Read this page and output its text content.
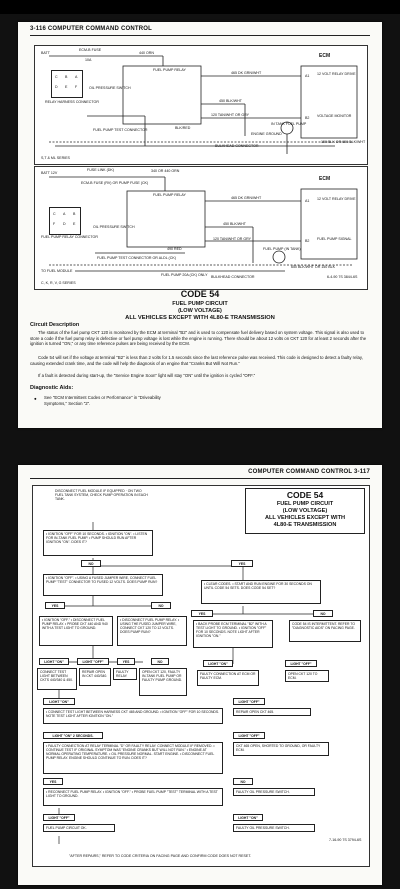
3-116 COMPUTER COMMAND CONTROL
C B A
D E F
BATT
ECM-B FUSE
10A
440 ORN
FUEL PUMP RELAY
465 DK GRN/WHT
450 BLK/WHT
120 TAN/WHT OR GRY
150 BLK OR 650 BLK/WHT
IN TANK FUEL PUMP
FUEL PUMP TEST CONNECTOR
OIL PRESSURE SWITCH
RELAY HARNESS CONNECTOR
BLK/RED
BULKHEAD CONNECTOR
ENGINE GROUND
ECM
A1 12 VOLT RELAY DRIVE
B2 VOLTAGE MONITOR
S,T & ML SERIES
C A B
F D E
BATT 12V
FUSE LINK (DK)	340 OR 440 ORN
ECM-B FUSE (RV) OR PUMP FUSE (CK)
FUEL PUMP RELAY
465 DK GRN/WHT
OIL PRESSURE SWITCH
450 BLK/WHT
120 TAN/WHT OR GRY
FUEL PUMP RELAY CONNECTOR
FUEL PUMP TEST CONNECTOR OR ALDL (CK)
490 RED
FUEL PUMP 20A (CK) ONLY
TO FUEL MODULE
BULKHEAD CONNECTOR
FUEL PUMP (IN TANK)
650 BLK/WHT OR 150 BLK
ECM
A1 12 VOLT RELAY DRIVE
B2 FUEL PUMP SIGNAL
6-4-90 7S 3844-6S
C, K, R, V, G SERIES
CODE 54
FUEL PUMP CIRCUIT
(LOW VOLTAGE)
ALL VEHICLES EXCEPT WITH 4L80-E TRANSMISSION
Circuit Description
The status of the fuel pump CKT 120 is monitored by the ECM at terminal "B2" and is used to compensate fuel delivery based on system voltage. This signal is also used to store a code if the fuel pump relay is defective or fuel pump voltage is lost while the engine is running. There should be about 12 volts on CKT 120 for at least 2 seconds after the ignition is turned "ON," or any time reference pulses are being received by the ECM.
Code 54 will set if the voltage at terminal "B2" is less than 2 volts for 1.5 seconds since the last reference pulse was received. This code is designed to detect a faulty relay, causing extended crank time, and the code will help the diagnosis of an engine that "Cranks But Will Not Run."
If a fault is detected during start-up, the "Service Engine Soon" light will stay "ON" until the ignition is cycled "OFF."
Diagnostic Aids:
● See "ECM Intermittent Codes or Performance" in "Driveability Symptoms," Section "2".
COMPUTER COMMAND CONTROL 3-117
DISCONNECT FUEL MODULE IF EQUIPPED · ON TWO FUEL TANK SYSTEM, CHECK PUMP OPERATION IN EACH TANK.	CODE 54
FUEL PUMP CIRCUIT
(LOW VOLTAGE)
ALL VEHICLES EXCEPT WITH
4L80-E TRANSMISSION
• IGNITION "OFF" FOR 10 SECONDS. • IGNITION "ON". • LISTEN FOR IN-TANK FUEL PUMP. • PUMP SHOULD RUN AFTER IGNITION "ON". DOES IT?
NO	YES
• IGNITION "OFF". • USING A FUSED JUMPER WIRE, CONNECT FUEL PUMP "TEST" CONNECTOR TO FUSED 12 VOLTS. DOES PUMP RUN?	• CLEAR CODES. • START AND RUN ENGINE FOR 30 SECONDS ON UNTIL CODE 54 SETS. DOES CODE 54 SET?
YES	NO
YES	NO
• IGNITION "OFF." • DISCONNECT FUEL PUMP RELAY. • PROBE CKT 440 AND 940 WITH A TEST LIGHT TO GROUND.
• DISCONNECT FUEL PUMP RELAY. • USING THE FUSED JUMPER WIRE, CONNECT CKT 120 TO 12 VOLTS. DOES PUMP RUN?
• BACK PROBE ECM TERMINAL "B2" WITH A TEST LIGHT TO GROUND. • IGNITION "OFF" FOR 10 SECONDS. NOTE LIGHT AFTER IGNITION "ON."
CODE 54 IS INTERMITTENT. REFER TO "DIAGNOSTIC AIDS" ON FACING PAGE.
LIGHT "ON"	LIGHT "OFF"	YES	NO	LIGHT "ON"	LIGHT "OFF"
CONNECT TEST LIGHT BETWEEN CKTS 440/340 & 450.
REPAIR OPEN IN CKT 440/340.
FAULTY RELAY.
OPEN CKT 120, FAULTY IN-TANK FUEL PUMP OR FAULTY PUMP GROUND.
FAULTY CONNECTION AT ECM OR FAULTY ECM.
OPEN CKT 120 TO ECM.
LIGHT "ON"	LIGHT "OFF"
• CONNECT TEST LIGHT BETWEEN HARNESS CKT 465 AND GROUND. • IGNITION "OFF" FOR 10 SECONDS. NOTE TEST LIGHT AFTER IGNITION "ON."
REPAIR OPEN CKT 465.
LIGHT "ON" 2 SECONDS.	LIGHT "OFF"
• FAULTY CONNECTION AT RELAY TERMINAL "D" OR FAULTY RELAY. CONNECT MODULE IF REMOVED. • CONTINUE TEST IF ORIGINAL SYMPTOM WAS "ENGINE CRANKS BUT WILL NOT RUN." • ENGINE AT NORMAL OPERATING TEMPERATURE. • OIL PRESSURE NORMAL. START ENGINE. • DISCONNECT FUEL PUMP RELAY. ENGINE SHOULD CONTINUE TO RUN. DOES IT?
CKT 465 OPEN, SHORTED TO GROUND, OR FAULTY ECM.
YES	NO
• RECONNECT FUEL PUMP RELAY. • IGNITION "OFF." • PROBE FUEL PUMP "TEST" TERMINAL WITH A TEST LIGHT TO GROUND.
FAULTY OIL PRESSURE SWITCH.
LIGHT "OFF"	LIGHT "ON"
FUEL PUMP CIRCUIT OK.	FAULTY OIL PRESSURE SWITCH.
7-16-90 7S 3794-6S
"AFTER REPAIRS," REFER TO CODE CRITERIA ON FACING PAGE AND CONFIRM CODE DOES NOT RESET.
